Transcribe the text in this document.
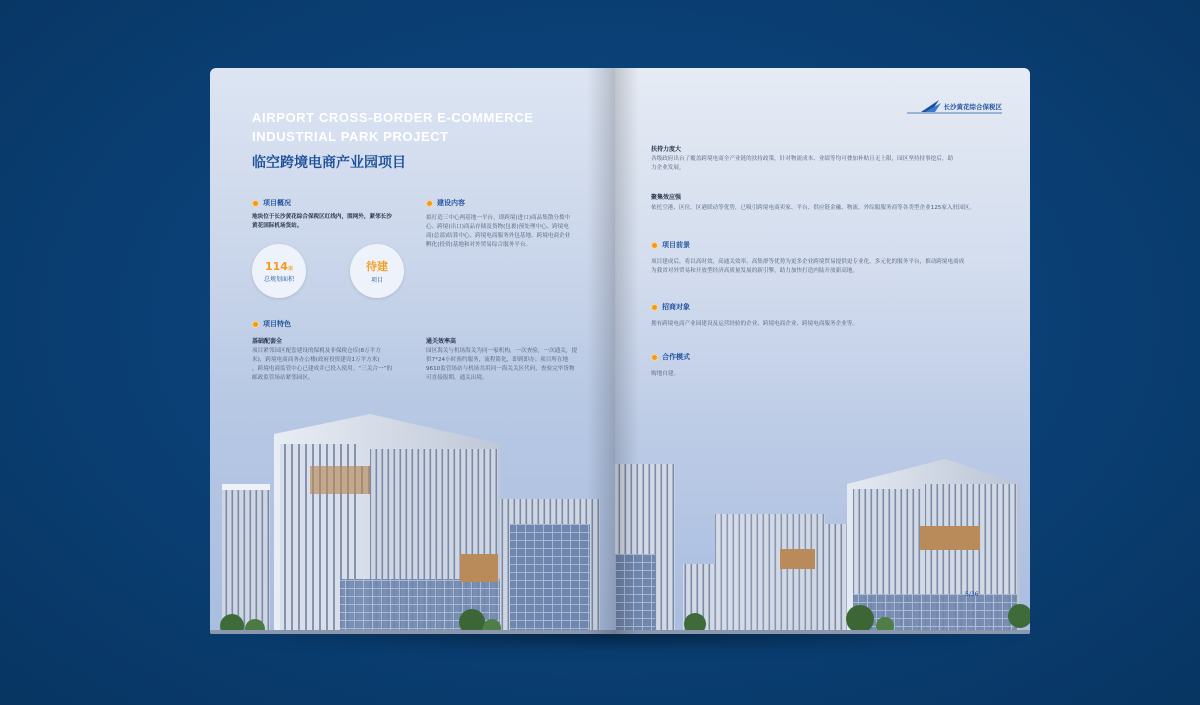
AIRPORT CROSS-BORDER E-COMMERCE
INDUSTRIAL PARK PROJECT
临空跨境电商产业园项目
项目概况
地块位于长沙黄花综合保税区红线内，围网外，紧邻长沙
黄花国际机场货站。
114亩
总规划面积
待建
项目
建设内容
拟打造三中心两基地一平台，即跨境(进口)商品集散分拨中
心、跨境(出口)商品存储及货物(包裹)预处理中心、跨境电
商(总部)结算中心、跨境电商服务外包基地、跨境电商企业
孵化(投资)基地和对外贸易综合服务平台。
项目特色
基础配套全
项目紧邻园区配套建设的保税及非保税仓库(8万平方
米)，跨境电商商务办公楼(政府投资建设1万平方米)
，跨境电商监管中心已建成并已投入使用。“三关合一”的
邮政监管场站紧邻园区。
通关效率高
园区海关与机场海关为同一家机构，一次查验，一次通关，提
供7*24小时预约服务，流程简化，即到即办；项目所在地
9610监管场站与机场共用同一海关关区代码，查验完毕货物
可直接报期，通关出境。
长沙黄花综合保税区
扶持力度大
各级政府出台了覆盖跨境电商全产业链的扶持政策，针对物流成本、业绩等均可叠加补贴且无上限，园区坚持持事挖后，助
力企业发展。
聚集效应强
依托空港、区位、区港联动等优势，已吸引跨境电商卖家、平台、供应链金融、物流、外综服服务商等各类型企业125家入驻园区。
项目前景
项目建成后，将以高时效、高通关效率、高集群等优势为更多企业跨境贸易提供更专业化、多元化的服务平台，推动跨境电商成
为我省对外贸易和开放型经济高质量发展的新引擎，助力加快打造内陆开放新高地。
招商对象
拥有跨境电商产业园建设及运营经验的企业、跨境电商企业、跨境电商服务企业等。
合作模式
购地自建。
5/36
